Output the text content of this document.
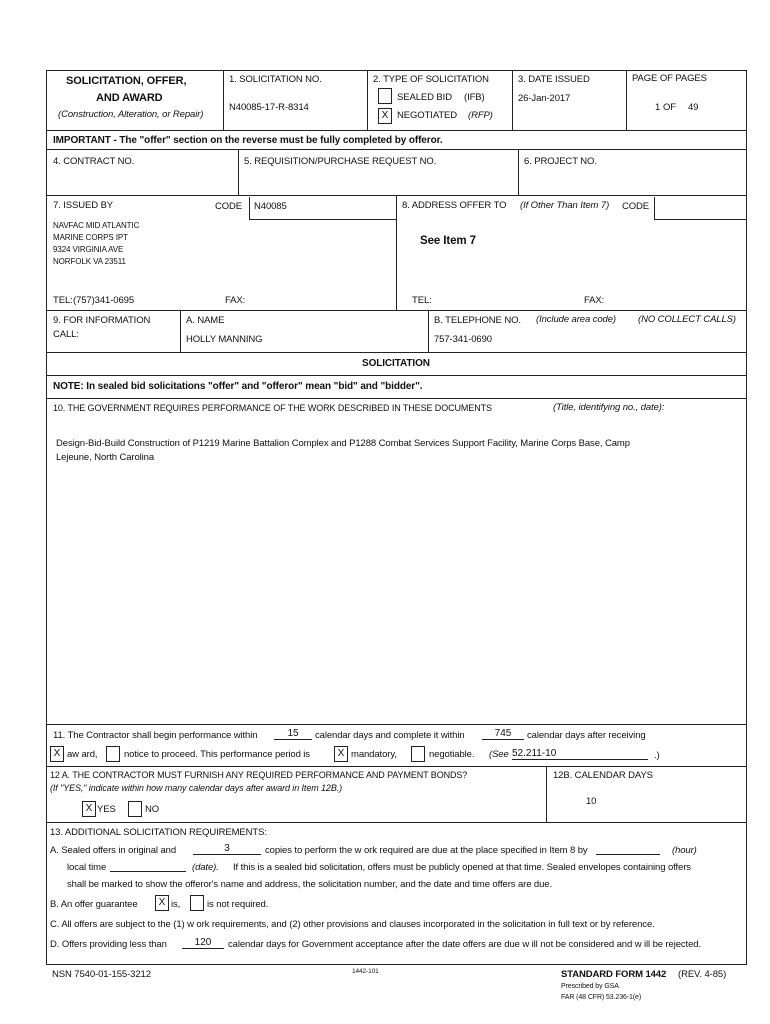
SOLICITATION, OFFER,
AND AWARD
(Construction, Alteration, or Repair)
1. SOLICITATION NO.
N40085-17-R-8314
2. TYPE OF SOLICITATION
SEALED BID (IFB)
X NEGOTIATED (RFP)
3. DATE ISSUED
26-Jan-2017
PAGE OF PAGES
1 OF 49
IMPORTANT - The "offer" section on the reverse must be fully completed by offeror.
4. CONTRACT NO.	5. REQUISITION/PURCHASE REQUEST NO.	6. PROJECT NO.
7. ISSUED BY	CODE N40085
NAVFAC MID ATLANTIC
MARINE CORPS IPT
9324 VIRGINIA AVE
NORFOLK VA 23511
TEL: (757)341-0695	FAX:
8. ADDRESS OFFER TO (If Other Than Item 7) CODE
See Item 7
TEL:	FAX:
9. FOR INFORMATION
CALL:
A. NAME
HOLLY MANNING
B. TELEPHONE NO. (Include area code) (NO COLLECT CALLS)
757-341-0690
SOLICITATION
NOTE: In sealed bid solicitations "offer" and "offeror" mean "bid" and "bidder".
10. THE GOVERNMENT REQUIRES PERFORMANCE OF THE WORK DESCRIBED IN THESE DOCUMENTS	(Title, identifying no., date):
Design-Bid-Build Construction of P1219 Marine Battalion Complex and P1288 Combat Services Support Facility, Marine Corps Base, Camp
Lejeune, North Carolina
11. The Contractor shall begin performance within	15	calendar days and complete it within	745	calendar days after receiving
X aw ard,	notice to proceed. This performance period is	X mandatory,	negotiable. (See 52.211-10	.)
12 A. THE CONTRACTOR MUST FURNISH ANY REQUIRED PERFORMANCE AND PAYMENT BONDS?
(If "YES," indicate within how many calendar days after award in Item 12B.)
X YES	NO
12B. CALENDAR DAYS
10
13. ADDITIONAL SOLICITATION REQUIREMENTS:
A. Sealed offers in original and	3	copies to perform the w ork required are due at the place specified in Item 8 by	(hour)
local time	(date). If this is a sealed bid solicitation, offers must be publicly opened at that time. Sealed envelopes containing offers
shall be marked to show the offeror's name and address, the solicitation number, and the date and time offers are due.
B. An offer guarantee	X is,	is not required.
C. All offers are subject to the (1) w ork requirements, and (2) other provisions and clauses incorporated in the solicitation in full text or by reference.
D. Offers providing less than	120	calendar days for Government acceptance after the date offers are due w ill not be considered and w ill be rejected.
NSN 7540-01-155-3212	1442-101	STANDARD FORM 1442 (REV. 4-85)
Prescribed by GSA
FAR (48 CFR) 53.236-1(e)
